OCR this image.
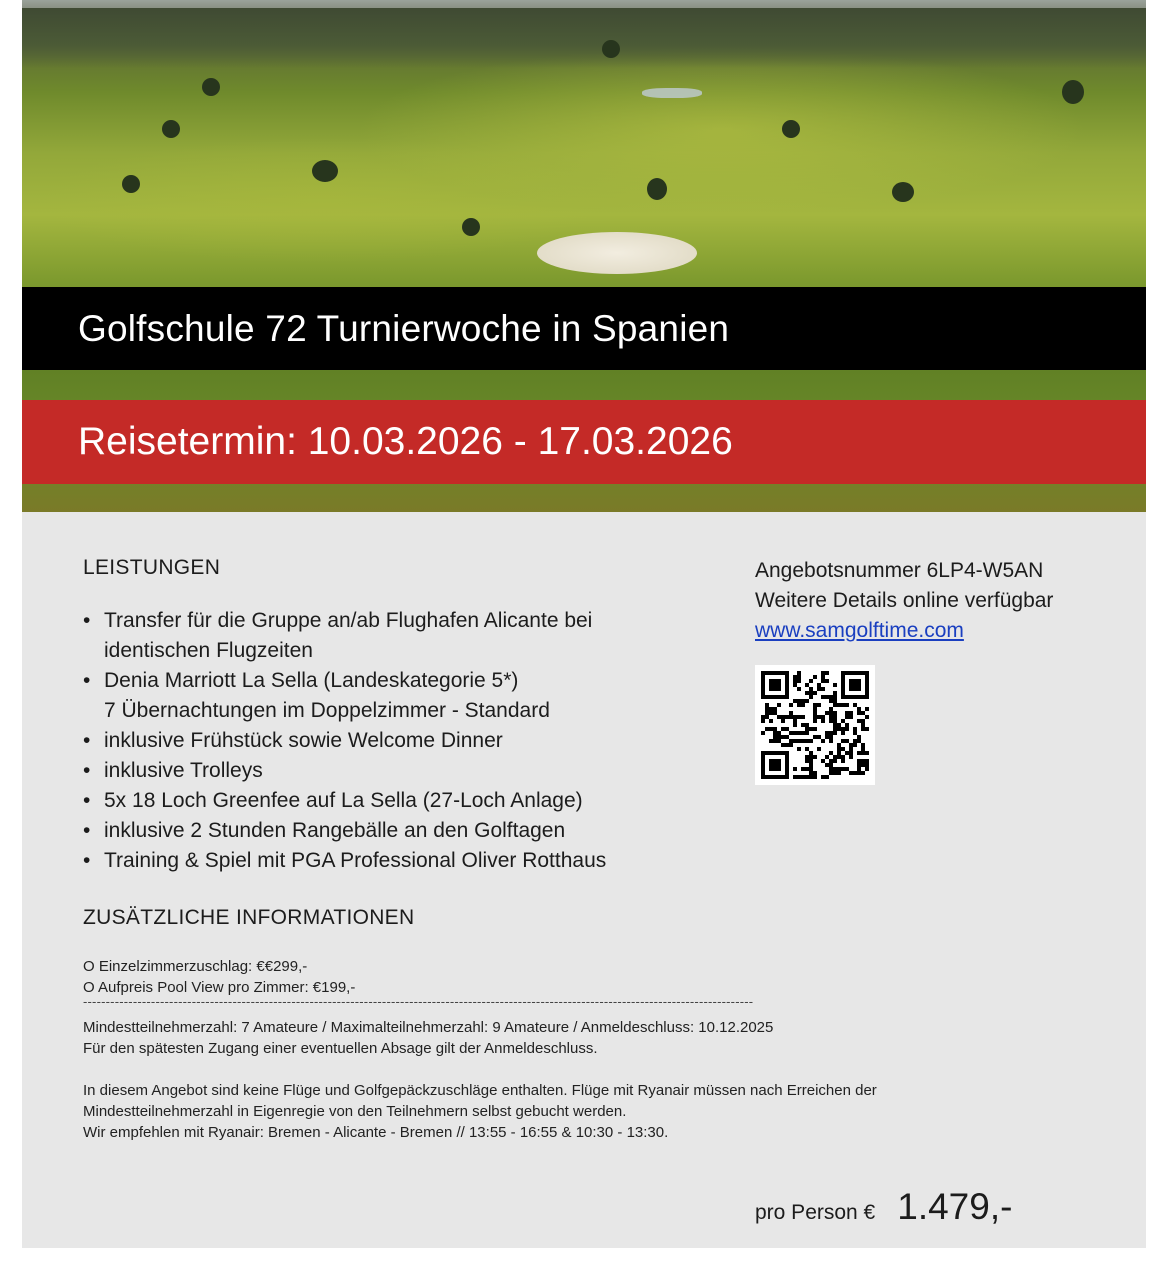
Golfschule 72 Turnierwoche in Spanien
Reisetermin: 10.03.2026 - 17.03.2026
LEISTUNGEN
• Transfer für die Gruppe an/ab Flughafen Alicante bei
identischen Flugzeiten
• Denia Marriott La Sella (Landeskategorie 5*)
7 Übernachtungen im Doppelzimmer - Standard
• inklusive Frühstück sowie Welcome Dinner
• inklusive Trolleys
• 5x 18 Loch Greenfee auf La Sella (27-Loch Anlage)
• inklusive 2 Stunden Rangebälle an den Golftagen
• Training & Spiel mit PGA Professional Oliver Rotthaus
ZUSÄTZLICHE INFORMATIONEN

O Einzelzimmerzuschlag: €€299,-

O Aufpreis Pool View pro Zimmer: €199,-

----------------------------------------------------------------------------------------------------------------------------------------------------

Mindestteilnehmerzahl: 7 Amateure / Maximalteilnehmerzahl: 9 Amateure / Anmeldeschluss: 10.12.2025

Für den spätesten Zugang einer eventuellen Absage gilt der Anmeldeschluss.

In diesem Angebot sind keine Flüge und Golfgepäckzuschläge enthalten. Flüge mit Ryanair müssen nach Erreichen der

Mindestteilnehmerzahl in Eigenregie von den Teilnehmern selbst gebucht werden.

Wir empfehlen mit Ryanair: Bremen - Alicante - Bremen // 13:55 - 16:55 & 10:30 - 13:30.

Angebotsnummer 6LP4-W5AN

Weitere Details online verfügbar

www.samgolftime.com

pro Person € 1.479,-
